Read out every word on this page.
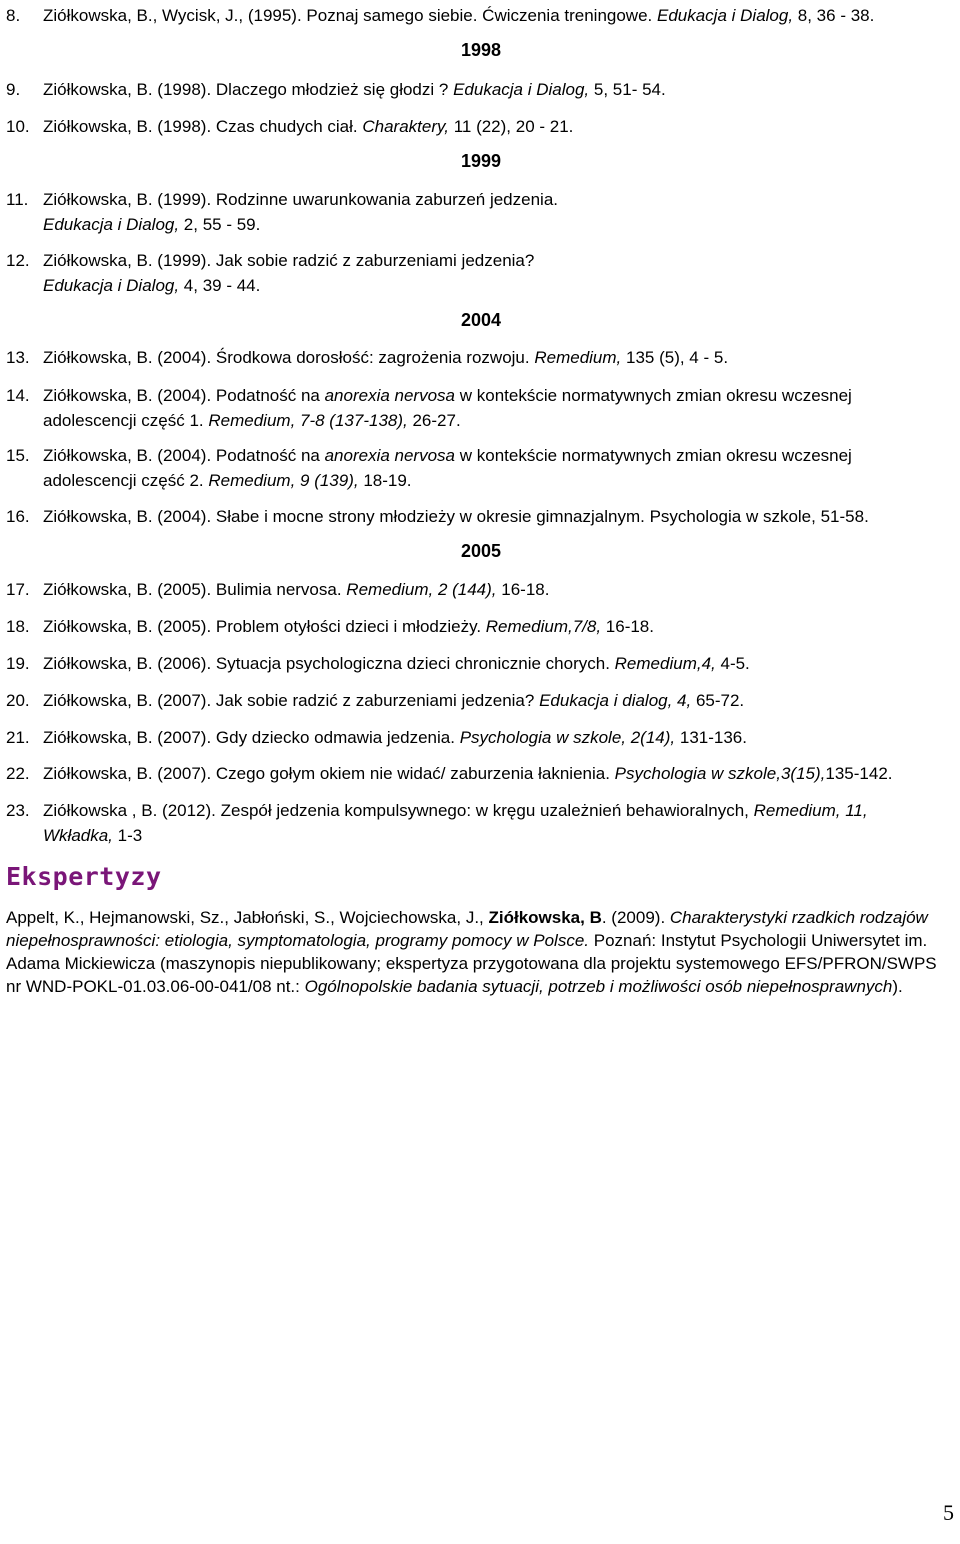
8.	Ziółkowska, B., Wycisk, J., (1995). Poznaj samego siebie. Ćwiczenia treningowe. Edukacja i Dialog, 8, 36 - 38.
1998
9.	Ziółkowska, B. (1998). Dlaczego młodzież się głodzi ? Edukacja i Dialog, 5, 51- 54.
10. Ziółkowska, B. (1998). Czas chudych ciał. Charaktery, 11 (22), 20 - 21.
1999
11. Ziółkowska, B. (1999). Rodzinne uwarunkowania zaburzeń jedzenia.
Edukacja i Dialog, 2, 55 - 59.
12. Ziółkowska, B. (1999). Jak sobie radzić z zaburzeniami jedzenia?
Edukacja i Dialog, 4, 39 - 44.
2004
13. Ziółkowska, B. (2004). Środkowa dorosłość: zagrożenia rozwoju. Remedium, 135 (5), 4 - 5.
14. Ziółkowska, B. (2004). Podatność na anorexia nervosa w kontekście normatywnych zmian okresu wczesnej
adolescencji część 1. Remedium, 7-8 (137-138), 26-27.
15. Ziółkowska, B. (2004). Podatność na anorexia nervosa w kontekście normatywnych zmian okresu wczesnej
adolescencji część 2. Remedium, 9 (139), 18-19.
16. Ziółkowska, B. (2004). Słabe i mocne strony młodzieży w okresie gimnazjalnym. Psychologia w szkole, 51-58.
2005
17. Ziółkowska, B. (2005). Bulimia nervosa. Remedium, 2 (144), 16-18.
18. Ziółkowska, B. (2005). Problem otyłości dzieci i młodzieży. Remedium,7/8, 16-18.
19. Ziółkowska, B. (2006). Sytuacja psychologiczna dzieci chronicznie chorych. Remedium,4, 4-5.
20. Ziółkowska, B. (2007). Jak sobie radzić z zaburzeniami jedzenia? Edukacja i dialog, 4, 65-72.
21. Ziółkowska, B. (2007). Gdy dziecko odmawia jedzenia. Psychologia w szkole, 2(14), 131-136.
22. Ziółkowska, B. (2007). Czego gołym okiem nie widać/ zaburzenia łaknienia. Psychologia w szkole,3(15),135-142.
23. Ziółkowska , B. (2012). Zespół jedzenia kompulsywnego: w kręgu uzależnień behawioralnych, Remedium, 11,
Wkładka, 1-3
Ekspertyzy
Appelt, K., Hejmanowski, Sz., Jabłoński, S., Wojciechowska, J., Ziółkowska, B. (2009). Charakterystyki rzadkich rodzajów niepełnosprawności: etiologia, symptomatologia, programy pomocy w Polsce. Poznań: Instytut Psychologii Uniwersytet im. Adama Mickiewicza (maszynopis niepublikowany; ekspertyza przygotowana dla projektu systemowego EFS/PFRON/SWPS nr WND-POKL-01.03.06-00-041/08 nt.: Ogólnopolskie badania sytuacji, potrzeb i możliwości osób niepełnosprawnych).
5
